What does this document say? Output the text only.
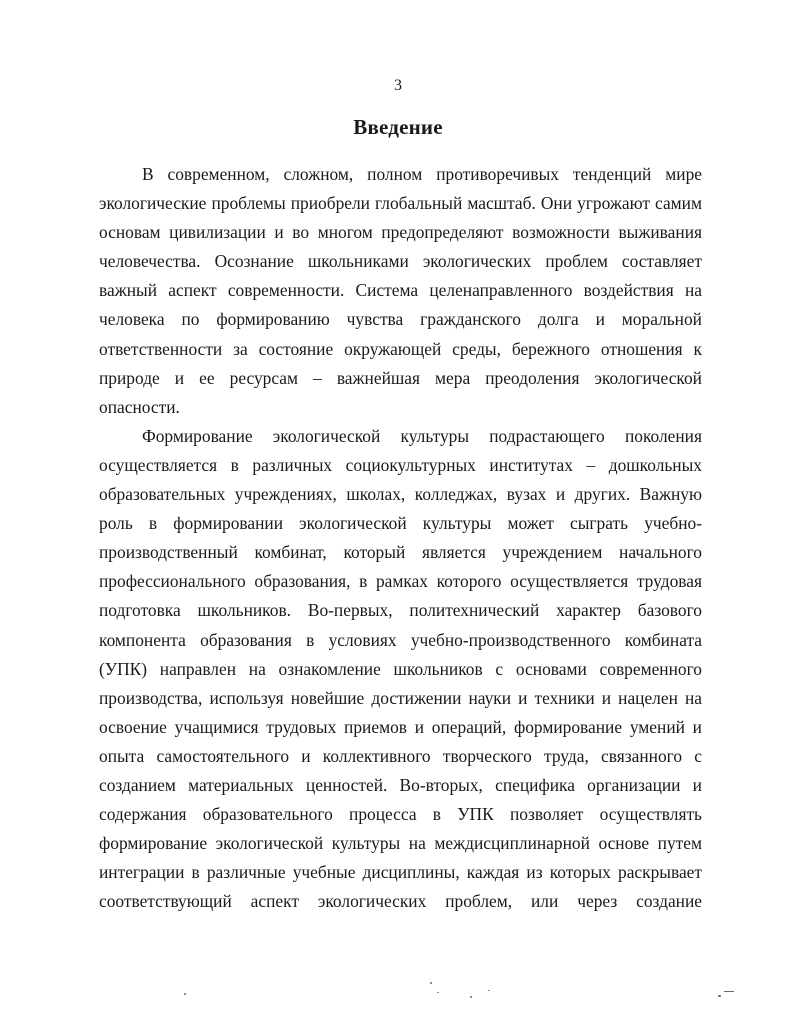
3
Введение
В современном, сложном, полном противоречивых тенденций мире
экологические проблемы приобрели глобальный масштаб. Они угрожают самим
основам цивилизации и во многом предопределяют возможности выживания
человечества. Осознание школьниками экологических проблем составляет
важный аспект современности. Система целенаправленного воздействия на
человека по формированию чувства гражданского долга и моральной
ответственности за состояние окружающей среды, бережного отношения к
природе и ее ресурсам – важнейшая мера преодоления экологической
опасности.
Формирование экологической культуры подрастающего поколения
осуществляется в различных социокультурных институтах – дошкольных
образовательных учреждениях, школах, колледжах, вузах и других. Важную
роль в формировании экологической культуры может сыграть учебно-
производственный комбинат, который является учреждением начального
профессионального образования, в рамках которого осуществляется трудовая
подготовка школьников. Во-первых, политехнический характер базового
компонента образования в условиях учебно-производственного комбината
(УПК) направлен на ознакомление школьников с основами современного
производства, используя новейшие достижении науки и техники и нацелен на
освоение учащимися трудовых приемов и операций, формирование умений и
опыта самостоятельного и коллективного творческого труда, связанного с
созданием материальных ценностей. Во-вторых, специфика организации и
содержания образовательного процесса в УПК позволяет осуществлять
формирование экологической культуры на междисциплинарной основе путем
интеграции в различные учебные дисциплины, каждая из которых раскрывает
соответствующий аспект экологических проблем, или через создание
